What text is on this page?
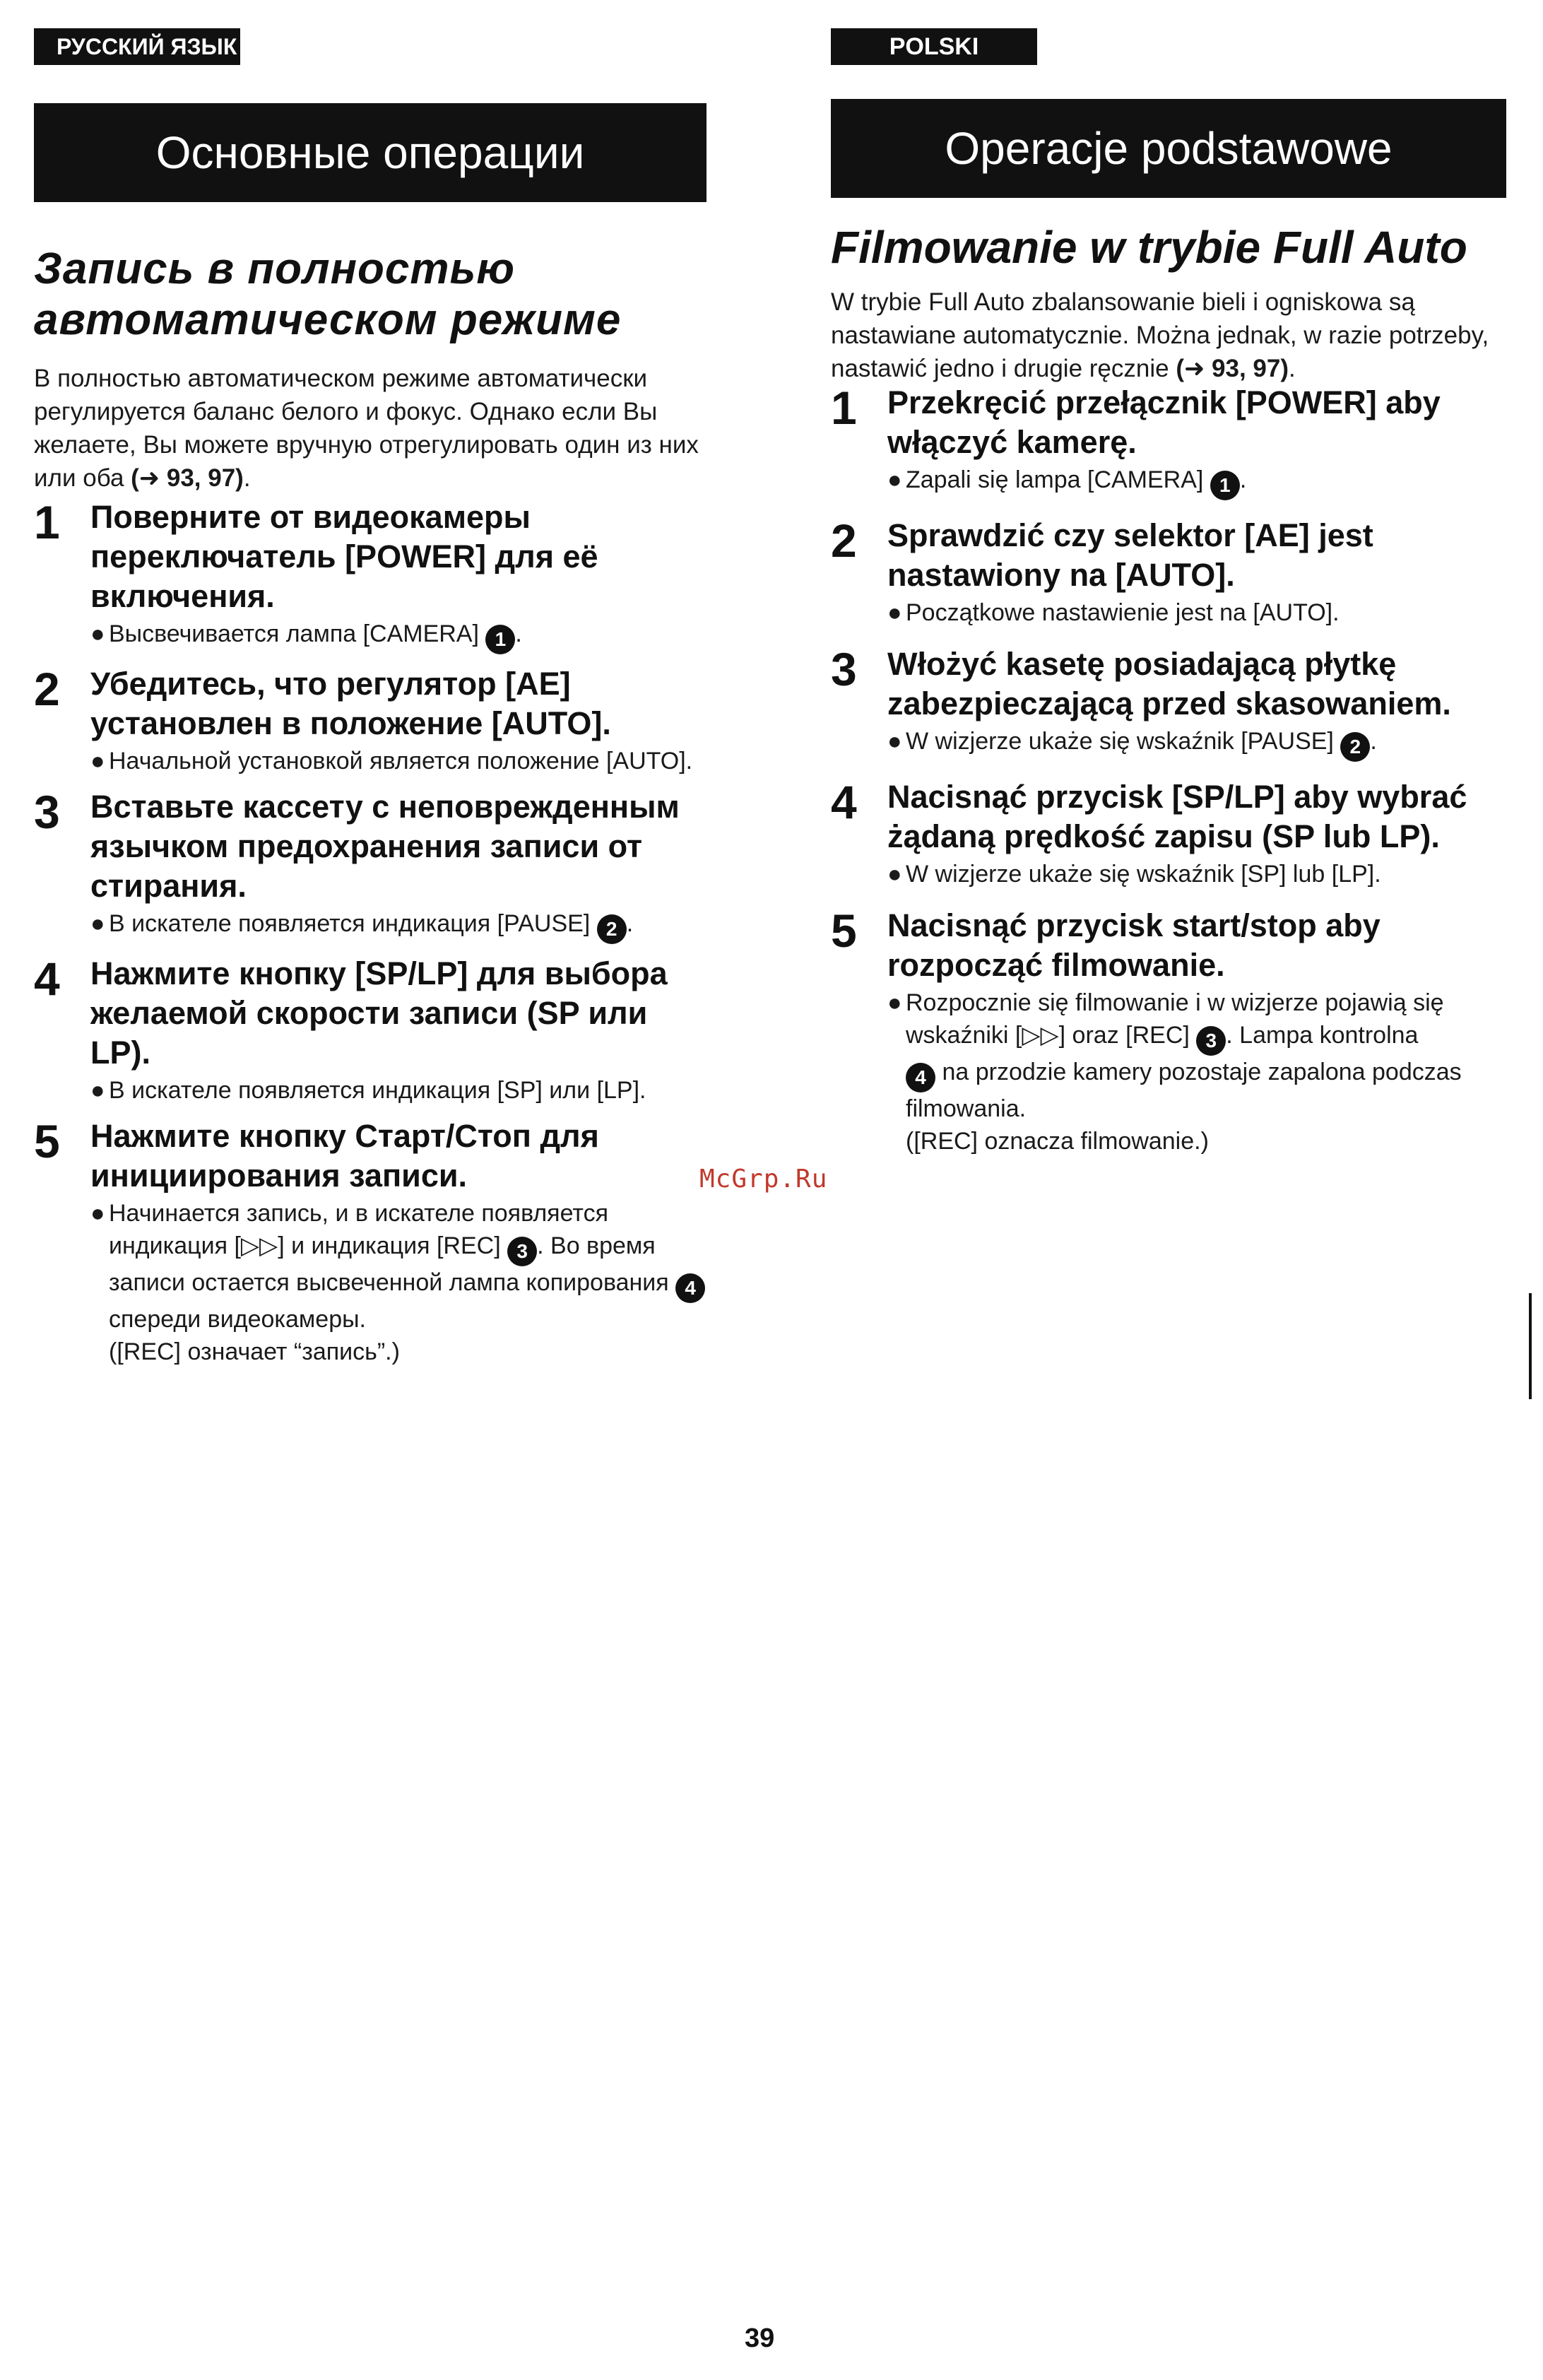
РУССКИЙ ЯЗЫК
Основные операции
Запись в полностью автоматическом режиме
В полностью автоматическом режиме автоматически регулируется баланс белого и фокус. Однако если Вы желаете, Вы можете вручную отрегулировать один из них или оба (➜ 93, 97).
1 Поверните от видеокамеры переключатель [POWER] для её включения.
● Высвечивается лампа [CAMERA] 1 .
2 Убедитесь, что регулятор [AE] установлен в положение [AUTO].
● Начальной установкой является положение [AUTO].
3 Вставьте кассету с неповрежденным язычком предохранения записи от стирания.
● В искателе появляется индикация [PAUSE] 2 .
4 Нажмите кнопку [SP/LP] для выбора желаемой скорости записи (SP или LP).
● В искателе появляется индикация [SP] или [LP].
5 Нажмите кнопку Старт/Стоп для инициирования записи.
● Начинается запись, и в искателе появляется индикация [▷▷] и индикация [REC] 3 . Во время записи остается высвеченной лампа копирования 4 спереди видеокамеры.
([REC] означает “запись”.)
POLSKI
Operacje podstawowe
Filmowanie w trybie Full Auto
W trybie Full Auto zbalansowanie bieli i ogniskowa są nastawiane automatycznie. Można jednak, w razie potrzeby, nastawić jedno i drugie ręcznie (➜ 93, 97).
1 Przekręcić przełącznik [POWER] aby włączyć kamerę.
● Zapali się lampa [CAMERA] 1 .
2 Sprawdzić czy selektor [AE] jest nastawiony na [AUTO].
● Początkowe nastawienie jest na [AUTO].
3 Włożyć kasetę posiadającą płytkę zabezpieczającą przed skasowaniem.
● W wizjerze ukaże się wskaźnik [PAUSE] 2 .
4 Nacisnąć przycisk [SP/LP] aby wybrać żądaną prędkość zapisu (SP lub LP).
● W wizjerze ukaże się wskaźnik [SP] lub [LP].
5 Nacisnąć przycisk start/stop aby rozpocząć filmowanie.
● Rozpocznie się filmowanie i w wizjerze pojawią się wskaźniki [▷▷] oraz [REC] 3 . Lampa kontrolna
4 na przodzie kamery pozostaje zapalona podczas filmowania.
([REC] oznacza filmowanie.)
McGrp.Ru
39
